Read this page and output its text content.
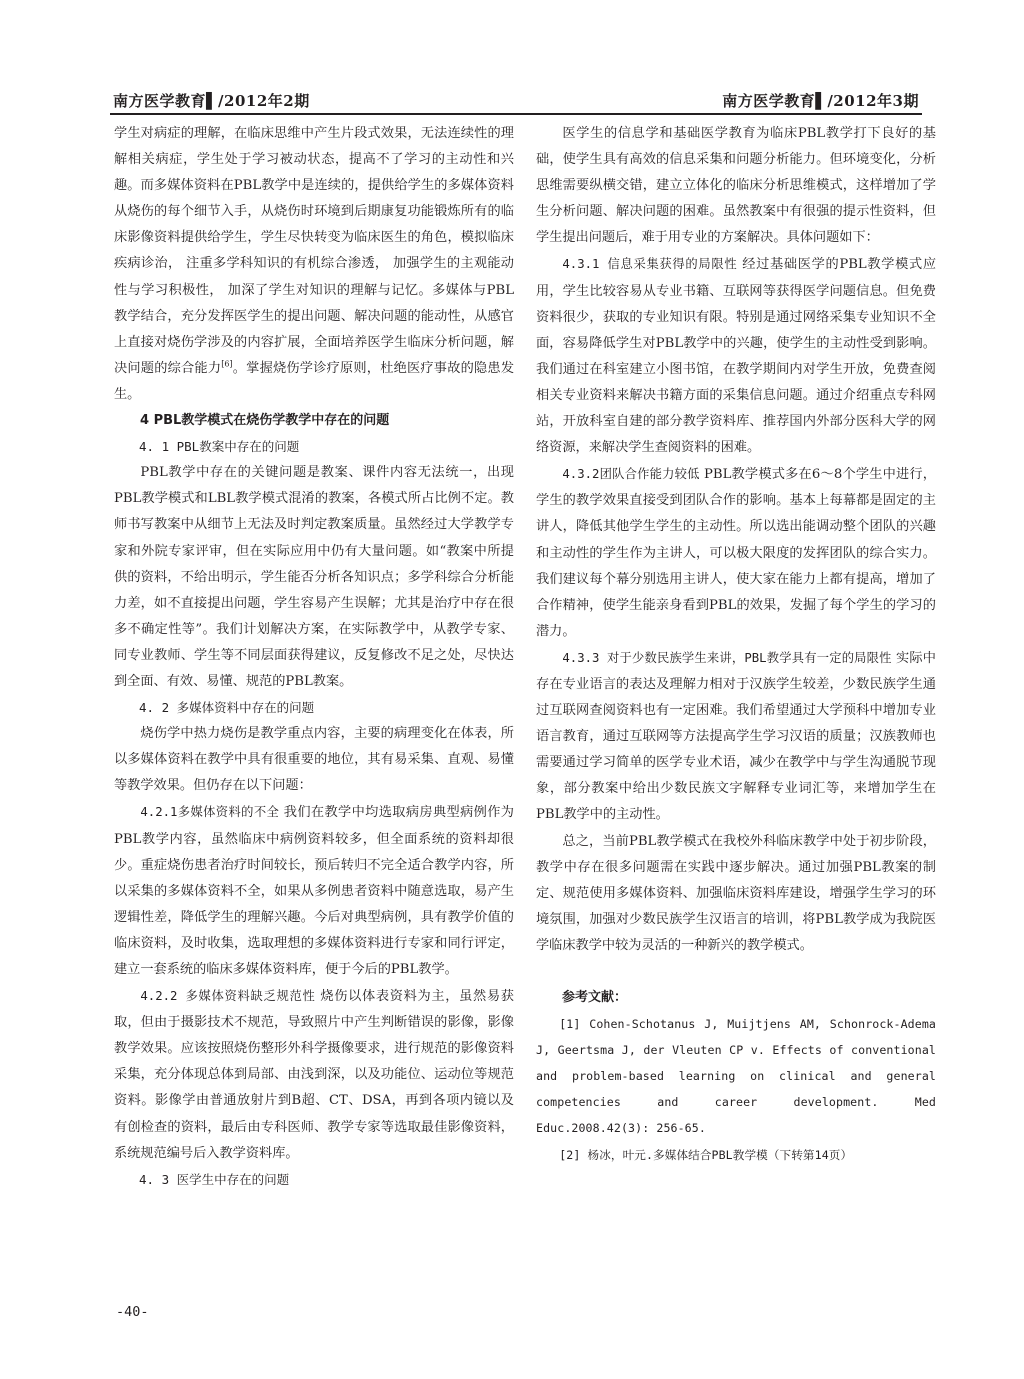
南方医学教育▌/2012年2期	南方医学教育▌/2012年3期

学生对病症的理解，在临床思维中产生片段式效果，无法连续性的理解相关病症，学生处于学习被动状态，提高不了学习的主动性和兴趣。而多媒体资料在PBL教学中是连续的，提供给学生的多媒体资料从烧伤的每个细节入手，从烧伤时环境到后期康复功能锻炼所有的临床影像资料提供给学生，学生尽快转变为临床医生的角色，模拟临床疾病诊治， 注重多学科知识的有机综合渗透， 加强学生的主观能动性与学习积极性， 加深了学生对知识的理解与记忆。多媒体与PBL教学结合，充分发挥医学生的提出问题、解决问题的能动性，从感官上直接对烧伤学涉及的内容扩展，全面培养医学生临床分析问题，解决问题的综合能力[6]。掌握烧伤学诊疗原则，杜绝医疗事故的隐患发生。

4 PBL教学模式在烧伤学教学中存在的问题

4. 1 PBL教案中存在的问题

PBL教学中存在的关键问题是教案、课件内容无法统一，出现PBL教学模式和LBL教学模式混淆的教案，各模式所占比例不定。教师书写教案中从细节上无法及时判定教案质量。虽然经过大学教学专家和外院专家评审，但在实际应用中仍有大量问题。如“教案中所提供的资料，不给出明示，学生能否分析各知识点；多学科综合分析能力差，如不直接提出问题，学生容易产生误解；尤其是治疗中存在很多不确定性等”。我们计划解决方案，在实际教学中，从教学专家、同专业教师、学生等不同层面获得建议，反复修改不足之处，尽快达到全面、有效、易懂、规范的PBL教案。

4. 2 多媒体资料中存在的问题

烧伤学中热力烧伤是教学重点内容，主要的病理变化在体表，所以多媒体资料在教学中具有很重要的地位，其有易采集、直观、易懂等教学效果。但仍存在以下问题：

4.2.1多媒体资料的不全 我们在教学中均选取病房典型病例作为PBL教学内容，虽然临床中病例资料较多，但全面系统的资料却很少。重症烧伤患者治疗时间较长，预后转归不完全适合教学内容，所以采集的多媒体资料不全，如果从多例患者资料中随意选取，易产生逻辑性差，降低学生的理解兴趣。今后对典型病例，具有教学价值的临床资料，及时收集，选取理想的多媒体资料进行专家和同行评定，建立一套系统的临床多媒体资料库，便于今后的PBL教学。

4.2.2 多媒体资料缺乏规范性 烧伤以体表资料为主，虽然易获取，但由于摄影技术不规范，导致照片中产生判断错误的影像，影像教学效果。应该按照烧伤整形外科学摄像要求，进行规范的影像资料采集，充分体现总体到局部、由浅到深，以及功能位、运动位等规范资料。影像学由普通放射片到B超、CT、DSA，再到各项内镜以及有创检查的资料，最后由专科医师、教学专家等选取最佳影像资料，系统规范编号后入教学资料库。

4. 3 医学生中存在的问题

医学生的信息学和基础医学教育为临床PBL教学打下良好的基础，使学生具有高效的信息采集和问题分析能力。但环境变化，分析思维需要纵横交错，建立立体化的临床分析思维模式，这样增加了学生分析问题、解决问题的困难。虽然教案中有很强的提示性资料，但学生提出问题后，难于用专业的方案解决。具体问题如下：

4.3.1 信息采集获得的局限性 经过基础医学的PBL教学模式应用，学生比较容易从专业书籍、互联网等获得医学问题信息。但免费资料很少，获取的专业知识有限。特别是通过网络采集专业知识不全面，容易降低学生对PBL教学中的兴趣，使学生的主动性受到影响。我们通过在科室建立小图书馆，在教学期间内对学生开放，免费查阅相关专业资料来解决书籍方面的采集信息问题。通过介绍重点专科网站，开放科室自建的部分教学资料库、推荐国内外部分医科大学的网络资源，来解决学生查阅资料的困难。

4.3.2团队合作能力较低 PBL教学模式多在6～8个学生中进行，学生的教学效果直接受到团队合作的影响。基本上每幕都是固定的主讲人，降低其他学生学生的主动性。所以选出能调动整个团队的兴趣和主动性的学生作为主讲人，可以极大限度的发挥团队的综合实力。我们建议每个幕分别选用主讲人，使大家在能力上都有提高，增加了合作精神，使学生能亲身看到PBL的效果，发掘了每个学生的学习的潜力。

4.3.3 对于少数民族学生来讲，PBL教学具有一定的局限性 实际中存在专业语言的表达及理解力相对于汉族学生较差，少数民族学生通过互联网查阅资料也有一定困难。我们希望通过大学预科中增加专业语言教育，通过互联网等方法提高学生学习汉语的质量；汉族教师也需要通过学习简单的医学专业术语，减少在教学中与学生沟通脱节现象，部分教案中给出少数民族文字解释专业词汇等，来增加学生在PBL教学中的主动性。

总之，当前PBL教学模式在我校外科临床教学中处于初步阶段，教学中存在很多问题需在实践中逐步解决。通过加强PBL教案的制定、规范使用多媒体资料、加强临床资料库建设，增强学生学习的环境氛围，加强对少数民族学生汉语言的培训，将PBL教学成为我院医学临床教学中较为灵活的一种新兴的教学模式。

参考文献：

[1] Cohen-Schotanus J, Muijtjens AM, Schonrock-Adema J, Geertsma J, der Vleuten CP v. Effects of conventional and problem-based learning on clinical and general competencies and career development. Med Educ.2008.42(3): 256-65.

[2] 杨冰，叶元.多媒体结合PBL教学模（下转第14页）

-40-
